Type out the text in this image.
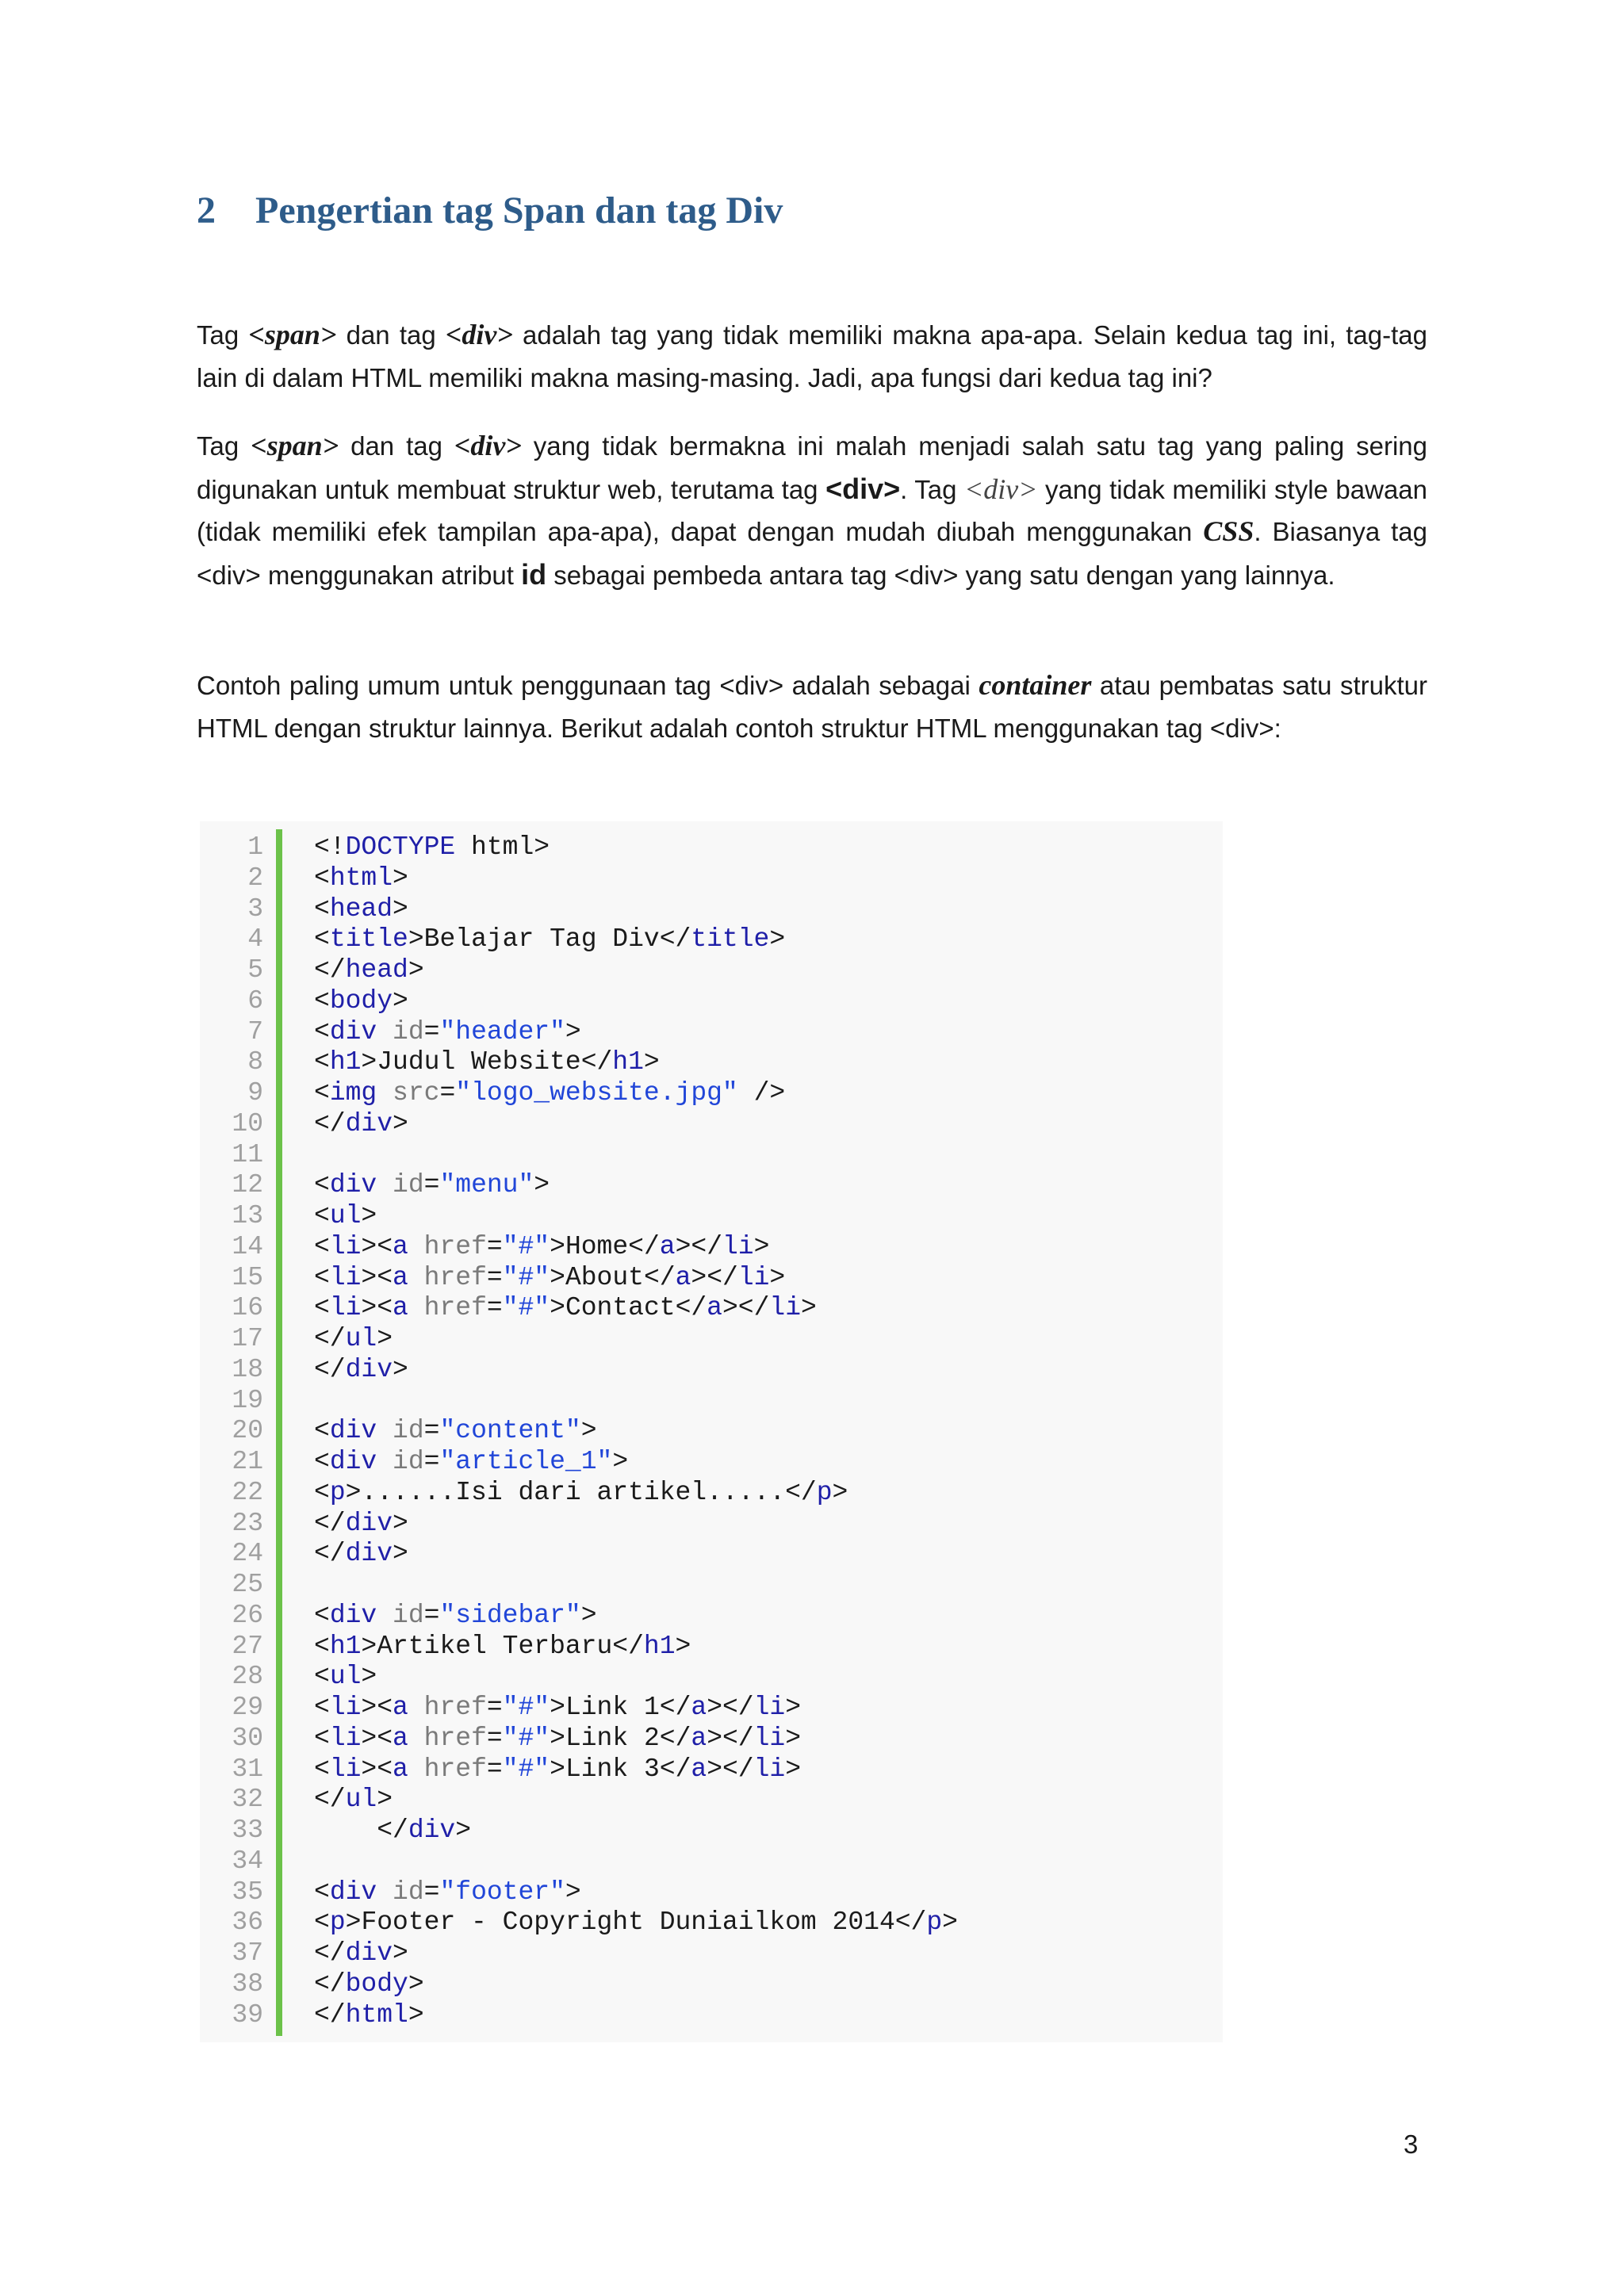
2 Pengertian tag Span dan tag Div
Tag <span> dan tag <div> adalah tag yang tidak memiliki makna apa-apa. Selain kedua tag ini, tag-tag lain di dalam HTML memiliki makna masing-masing. Jadi, apa fungsi dari kedua tag ini?
Tag <span> dan tag <div> yang tidak bermakna ini malah menjadi salah satu tag yang paling sering digunakan untuk membuat struktur web, terutama tag <div>. Tag <div> yang tidak memiliki style bawaan (tidak memiliki efek tampilan apa-apa), dapat dengan mudah diubah menggunakan CSS. Biasanya tag <div> menggunakan atribut id sebagai pembeda antara tag <div> yang satu dengan yang lainnya.
Contoh paling umum untuk penggunaan tag <div> adalah sebagai container atau pembatas satu struktur HTML dengan struktur lainnya. Berikut adalah contoh struktur HTML menggunakan tag <div>:
1 <!DOCTYPE html>
2 <html>
3 <head>
4 <title>Belajar Tag Div</title>
5 </head>
6 <body>
7 <div id="header">
8 <h1>Judul Website</h1>
9 <img src="logo_website.jpg" />
10 </div>
11
12 <div id="menu">
13 <ul>
14 <li><a href="#">Home</a></li>
15 <li><a href="#">About</a></li>
16 <li><a href="#">Contact</a></li>
17 </ul>
18 </div>
19
20 <div id="content">
21 <div id="article_1">
22 <p>......Isi dari artikel.....</p>
23 </div>
24 </div>
25
26 <div id="sidebar">
27 <h1>Artikel Terbaru</h1>
28 <ul>
29 <li><a href="#">Link 1</a></li>
30 <li><a href="#">Link 2</a></li>
31 <li><a href="#">Link 3</a></li>
32 </ul>
33	</div>
34
35 <div id="footer">
36 <p>Footer - Copyright Duniailkom 2014</p>
37 </div>
38 </body>
39 </html>
3
